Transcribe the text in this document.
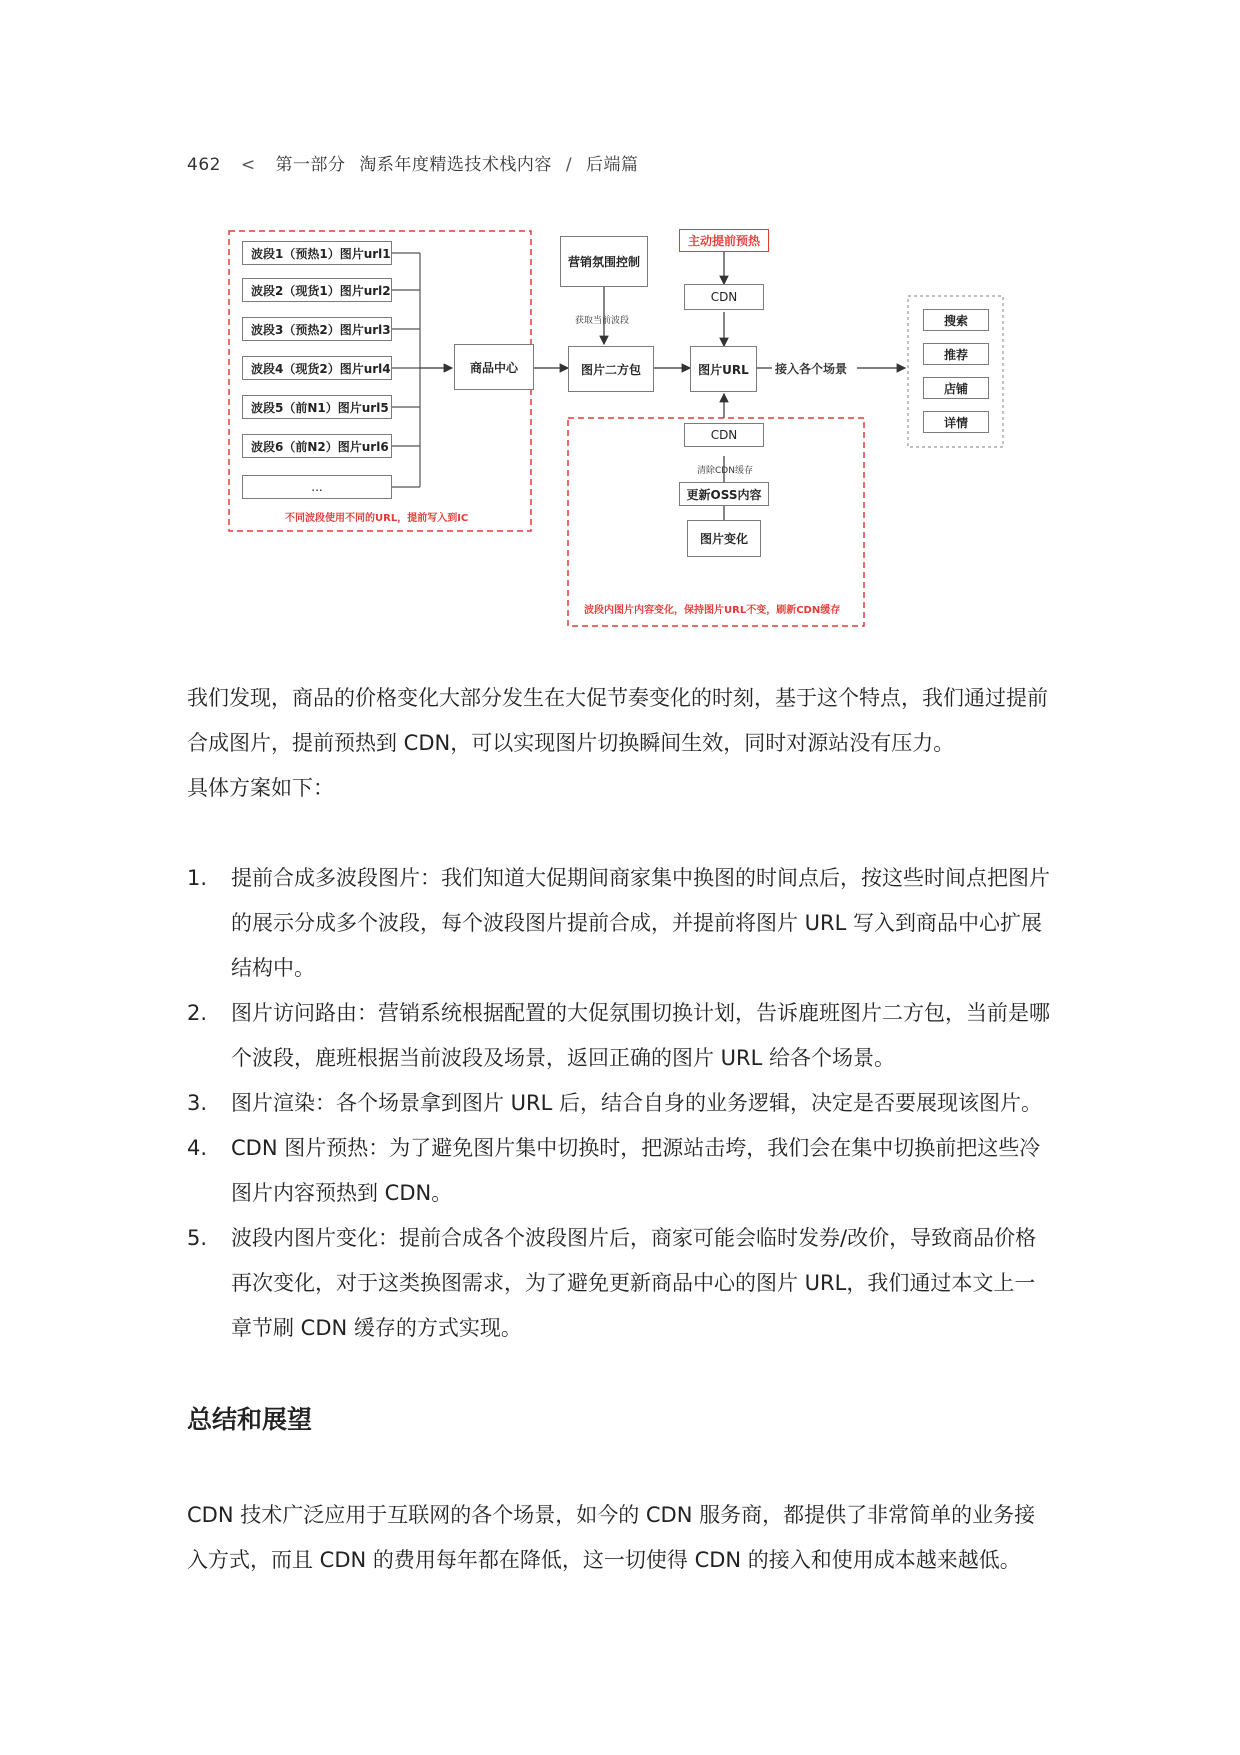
462 < 第一部分 淘系年度精选技术栈内容 / 后端篇
波段1（预热1）图片url1
波段2（现货1）图片url2
波段3（预热2）图片url3
波段4（现货2）图片url4
波段5（前N1）图片url5
波段6（前N2）图片url6
...
不同波段使用不同的URL，提前写入到IC
商品中心
营销氛围控制
获取当前波段
图片二方包
主动提前预热
CDN
图片URL	接入各个场景
搜索
推荐
店铺
详情
CDN
清除CDN缓存
更新OSS内容
图片变化
波段内图片内容变化，保持图片URL不变，刷新CDN缓存
我们发现，商品的价格变化大部分发生在大促节奏变化的时刻，基于这个特点，我们通过提前合成图片，提前预热到 CDN，可以实现图片切换瞬间生效，同时对源站没有压力。
具体方案如下：
1.	提前合成多波段图片：我们知道大促期间商家集中换图的时间点后，按这些时间点把图片的展示分成多个波段，每个波段图片提前合成，并提前将图片 URL 写入到商品中心扩展结构中。
2.	图片访问路由：营销系统根据配置的大促氛围切换计划，告诉鹿班图片二方包，当前是哪个波段，鹿班根据当前波段及场景，返回正确的图片 URL 给各个场景。
3.	图片渲染：各个场景拿到图片 URL 后，结合自身的业务逻辑，决定是否要展现该图片。
4.	CDN 图片预热：为了避免图片集中切换时，把源站击垮，我们会在集中切换前把这些冷图片内容预热到 CDN。
5.	波段内图片变化：提前合成各个波段图片后，商家可能会临时发券/改价，导致商品价格再次变化，对于这类换图需求，为了避免更新商品中心的图片 URL，我们通过本文上一章节刷 CDN 缓存的方式实现。
总结和展望
CDN 技术广泛应用于互联网的各个场景，如今的 CDN 服务商，都提供了非常简单的业务接入方式，而且 CDN 的费用每年都在降低，这一切使得 CDN 的接入和使用成本越来越低。
